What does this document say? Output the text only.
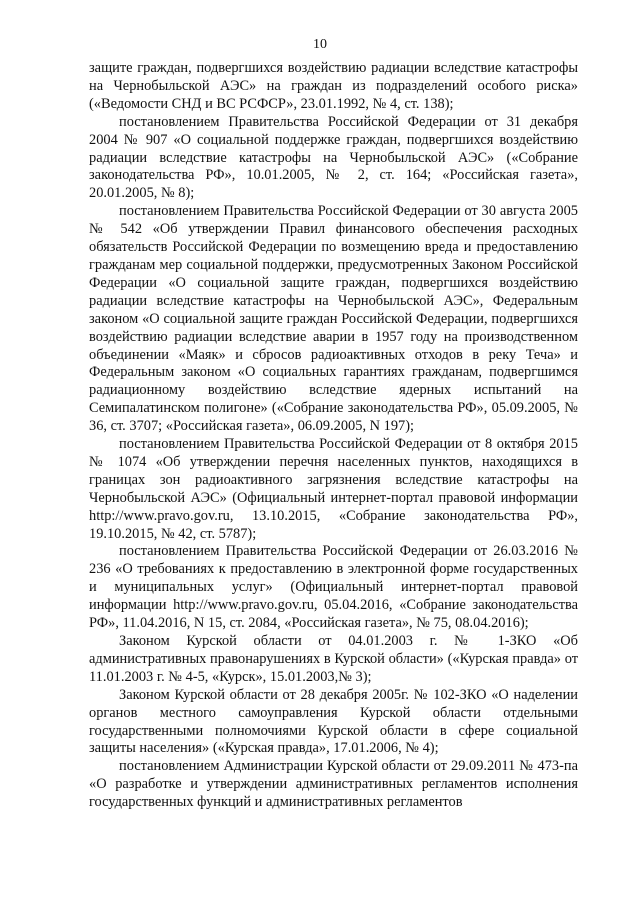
10

защите граждан, подвергшихся воздействию радиации вследствие катастрофы на Чернобыльской АЭС» на граждан из подразделений особого риска» («Ведомости СНД и ВС РСФСР», 23.01.1992, № 4, ст. 138);

постановлением Правительства Российской Федерации от 31 декабря 2004 № 907 «О социальной поддержке граждан, подвергшихся воздействию радиации вследствие катастрофы на Чернобыльской АЭС» («Собрание законодательства РФ», 10.01.2005, № 2, ст. 164; «Российская газета», 20.01.2005, № 8);

постановлением Правительства Российской Федерации от 30 августа 2005 № 542 «Об утверждении Правил финансового обеспечения расходных обязательств Российской Федерации по возмещению вреда и предоставлению гражданам мер социальной поддержки, предусмотренных Законом Российской Федерации «О социальной защите граждан, подвергшихся воздействию радиации вследствие катастрофы на Чернобыльской АЭС», Федеральным законом «О социальной защите граждан Российской Федерации, подвергшихся воздействию радиации вследствие аварии в 1957 году на производственном объединении «Маяк» и сбросов радиоактивных отходов в реку Теча» и Федеральным законом «О социальных гарантиях гражданам, подвергшимся радиационному воздействию вследствие ядерных испытаний на Семипалатинском полигоне» («Собрание законодательства РФ», 05.09.2005, № 36, ст. 3707; «Российская газета», 06.09.2005, N 197);

постановлением Правительства Российской Федерации от 8 октября 2015 № 1074 «Об утверждении перечня населенных пунктов, находящихся в границах зон радиоактивного загрязнения вследствие катастрофы на Чернобыльской АЭС» (Официальный интернет-портал правовой информации http://www.pravo.gov.ru, 13.10.2015, «Собрание законодательства РФ», 19.10.2015, № 42, ст. 5787);

постановлением Правительства Российской Федерации от 26.03.2016 № 236 «О требованиях к предоставлению в электронной форме государственных и муниципальных услуг» (Официальный интернет-портал правовой информации http://www.pravo.gov.ru, 05.04.2016, «Собрание законодательства РФ», 11.04.2016, N 15, ст. 2084, «Российская газета», № 75, 08.04.2016);

Законом Курской области от 04.01.2003 г. № 1-ЗКО «Об административных правонарушениях в Курской области» («Курская правда» от 11.01.2003 г. № 4-5, «Курск», 15.01.2003,№ 3);

Законом Курской области от 28 декабря 2005г. № 102-ЗКО «О наделении органов местного самоуправления Курской области отдельными государственными полномочиями Курской области в сфере социальной защиты населения» («Курская правда», 17.01.2006, № 4);

постановлением Администрации Курской области от 29.09.2011 № 473-па «О разработке и утверждении административных регламентов исполнения государственных функций и административных регламентов
